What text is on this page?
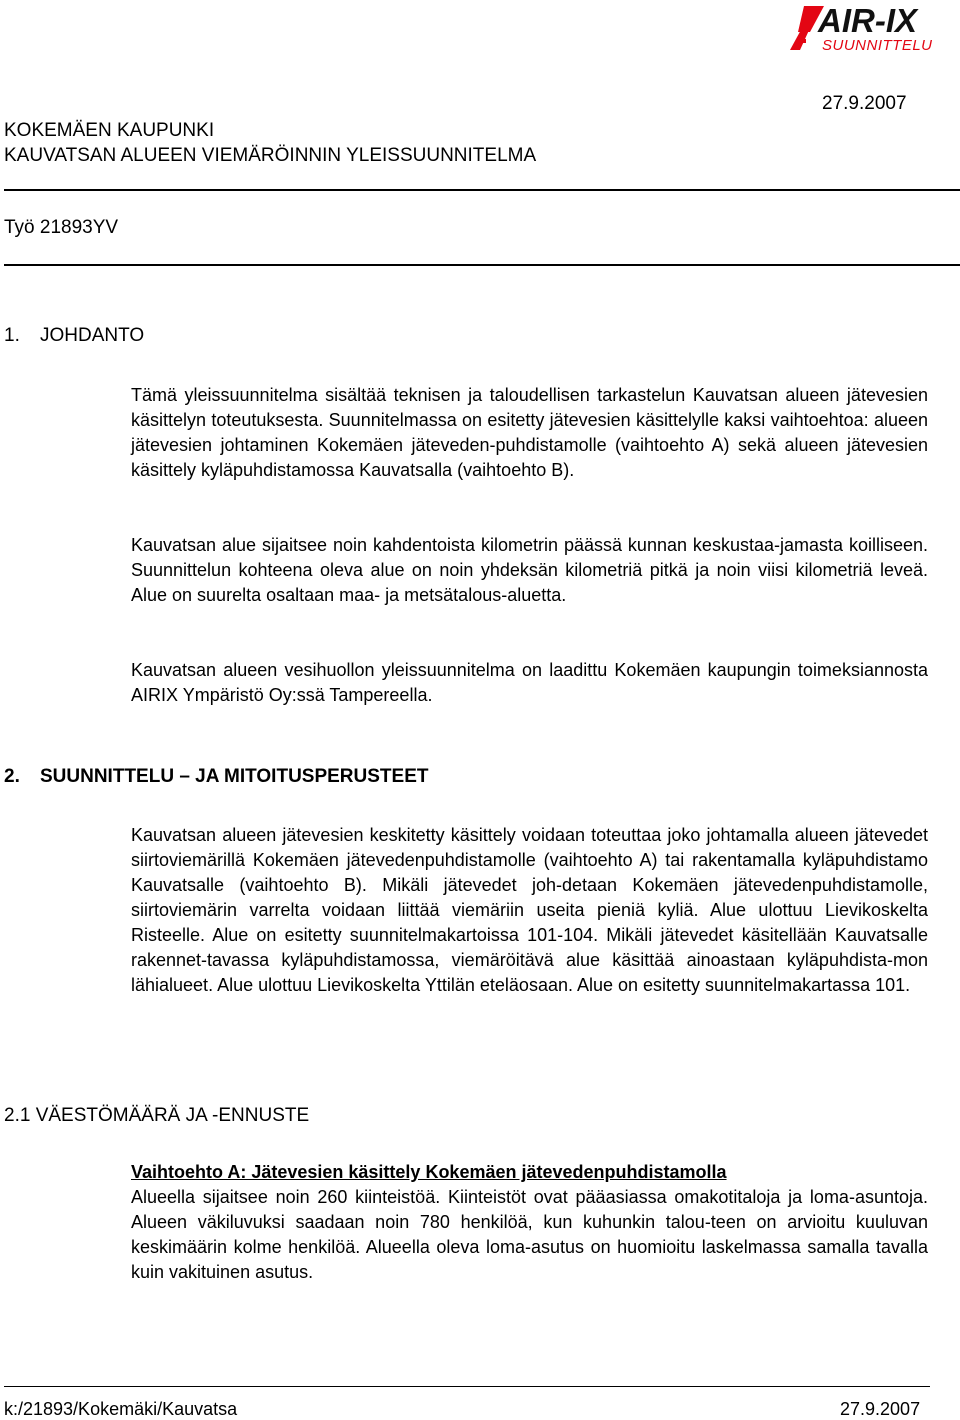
AIR-IX
SUUNNITTELU
27.9.2007
KOKEMÄEN KAUPUNKI
KAUVATSAN ALUEEN VIEMÄRÖINNIN YLEISSUUNNITELMA
Työ 21893YV
1. JOHDANTO
Tämä yleissuunnitelma sisältää teknisen ja taloudellisen tarkastelun Kauvatsan alueen jätevesien käsittelyn toteutuksesta. Suunnitelmassa on esitetty jätevesien käsittelylle kaksi vaihtoehtoa: alueen jätevesien johtaminen Kokemäen jäteveden-puhdistamolle (vaihtoehto A) sekä alueen jätevesien käsittely kyläpuhdistamossa Kauvatsalla (vaihtoehto B).
Kauvatsan alue sijaitsee noin kahdentoista kilometrin päässä kunnan keskustaa-jamasta koilliseen. Suunnittelun kohteena oleva alue on noin yhdeksän kilometriä pitkä ja noin viisi kilometriä leveä. Alue on suurelta osaltaan maa- ja metsätalous-aluetta.
Kauvatsan alueen vesihuollon yleissuunnitelma on laadittu Kokemäen kaupungin toimeksiannosta AIRIX Ympäristö Oy:ssä Tampereella.
2. SUUNNITTELU – JA MITOITUSPERUSTEET
Kauvatsan alueen jätevesien keskitetty käsittely voidaan toteuttaa joko johtamalla alueen jätevedet siirtoviemärillä Kokemäen jätevedenpuhdistamolle (vaihtoehto A) tai rakentamalla kyläpuhdistamo Kauvatsalle (vaihtoehto B). Mikäli jätevedet joh-detaan Kokemäen jätevedenpuhdistamolle, siirtoviemärin varrelta voidaan liittää viemäriin useita pieniä kyliä. Alue ulottuu Lievikoskelta Risteelle. Alue on esitetty suunnitelmakartoissa 101-104. Mikäli jätevedet käsitellään Kauvatsalle rakennet-tavassa kyläpuhdistamossa, viemäröitävä alue käsittää ainoastaan kyläpuhdista-mon lähialueet. Alue ulottuu Lievikoskelta Yttilän eteläosaan. Alue on esitetty suunnitelmakartassa 101.
2.1 VÄESTÖMÄÄRÄ JA -ENNUSTE
Vaihtoehto A: Jätevesien käsittely Kokemäen jätevedenpuhdistamolla
Alueella sijaitsee noin 260 kiinteistöä. Kiinteistöt ovat pääasiassa omakotitaloja ja loma-asuntoja. Alueen väkiluvuksi saadaan noin 780 henkilöä, kun kuhunkin talou-teen on arvioitu kuuluvan keskimäärin kolme henkilöä. Alueella oleva loma-asutus on huomioitu laskelmassa samalla tavalla kuin vakituinen asutus.
k:/21893/Kokemäki/Kauvatsa	27.9.2007
